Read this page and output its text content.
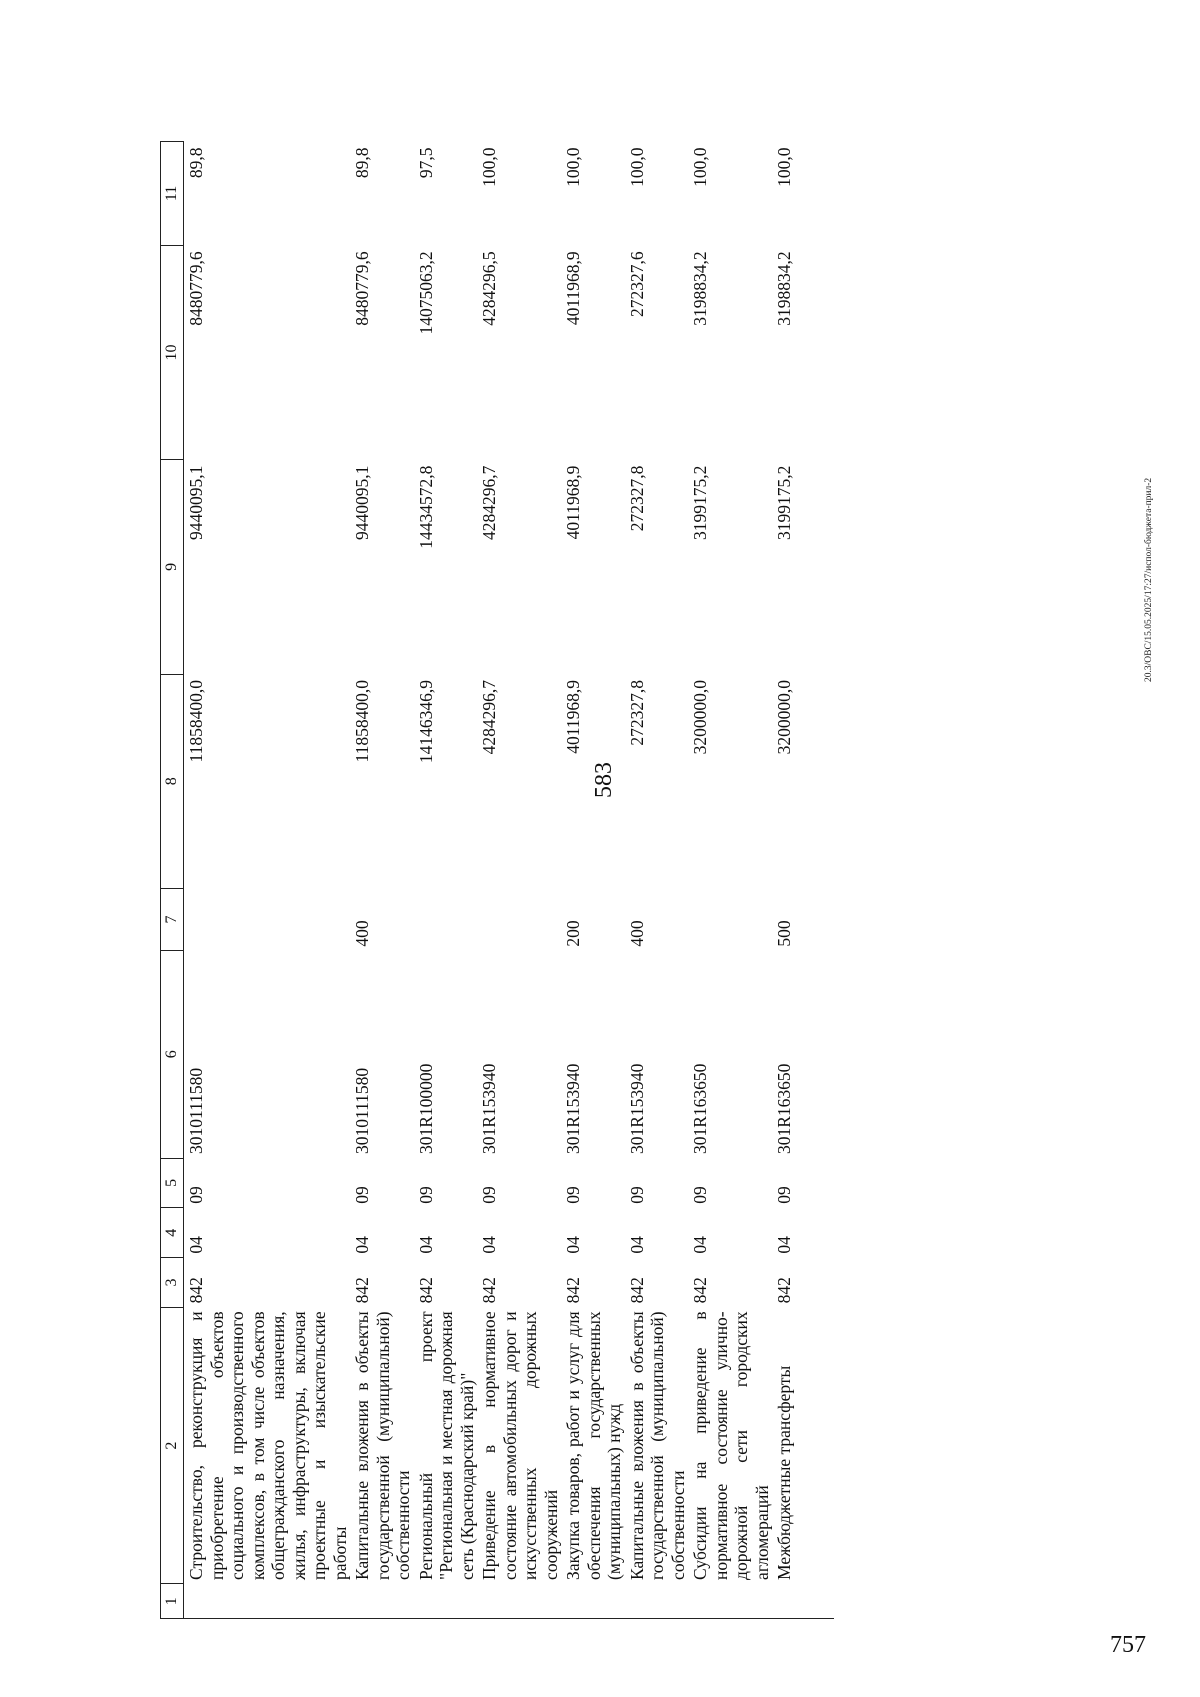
583
1	2	3	4	5	6	7	8	9	10	11
	Строительство, реконструкция и приобретение объектов социального и производственного комплексов, в том числе объектов общегражданского назначения, жилья, инфраструктуры, включая проектные и изыскательские работы	842	04	09	3010111580		11858400,0	9440095,1	8480779,6	89,8
	Капитальные вложения в объекты государственной (муниципальной) собственности	842	04	09	3010111580	400	11858400,0	9440095,1	8480779,6	89,8
	Региональный проект "Региональная и местная дорожная сеть (Краснодарский край)"	842	04	09	301R100000		14146346,9	14434572,8	14075063,2	97,5
	Приведение в нормативное состояние автомобильных дорог и искусственных дорожных сооружений	842	04	09	301R153940		4284296,7	4284296,7	4284296,5	100,0
	Закупка товаров, работ и услуг для обеспечения государственных (муниципальных) нужд	842	04	09	301R153940	200	4011968,9	4011968,9	4011968,9	100,0
	Капитальные вложения в объекты государственной (муниципальной) собственности	842	04	09	301R153940	400	272327,8	272327,8	272327,6	100,0
	Субсидии на приведение в нормативное состояние улично-дорожной сети городских агломераций	842	04	09	301R163650		3200000,0	3199175,2	3198834,2	100,0
	Межбюджетные трансферты	842	04	09	301R163650	500	3200000,0	3199175,2	3198834,2	100,0
20.3/ОВС/15.05.2025/17:27/испол-бюджета-прил-2
757
